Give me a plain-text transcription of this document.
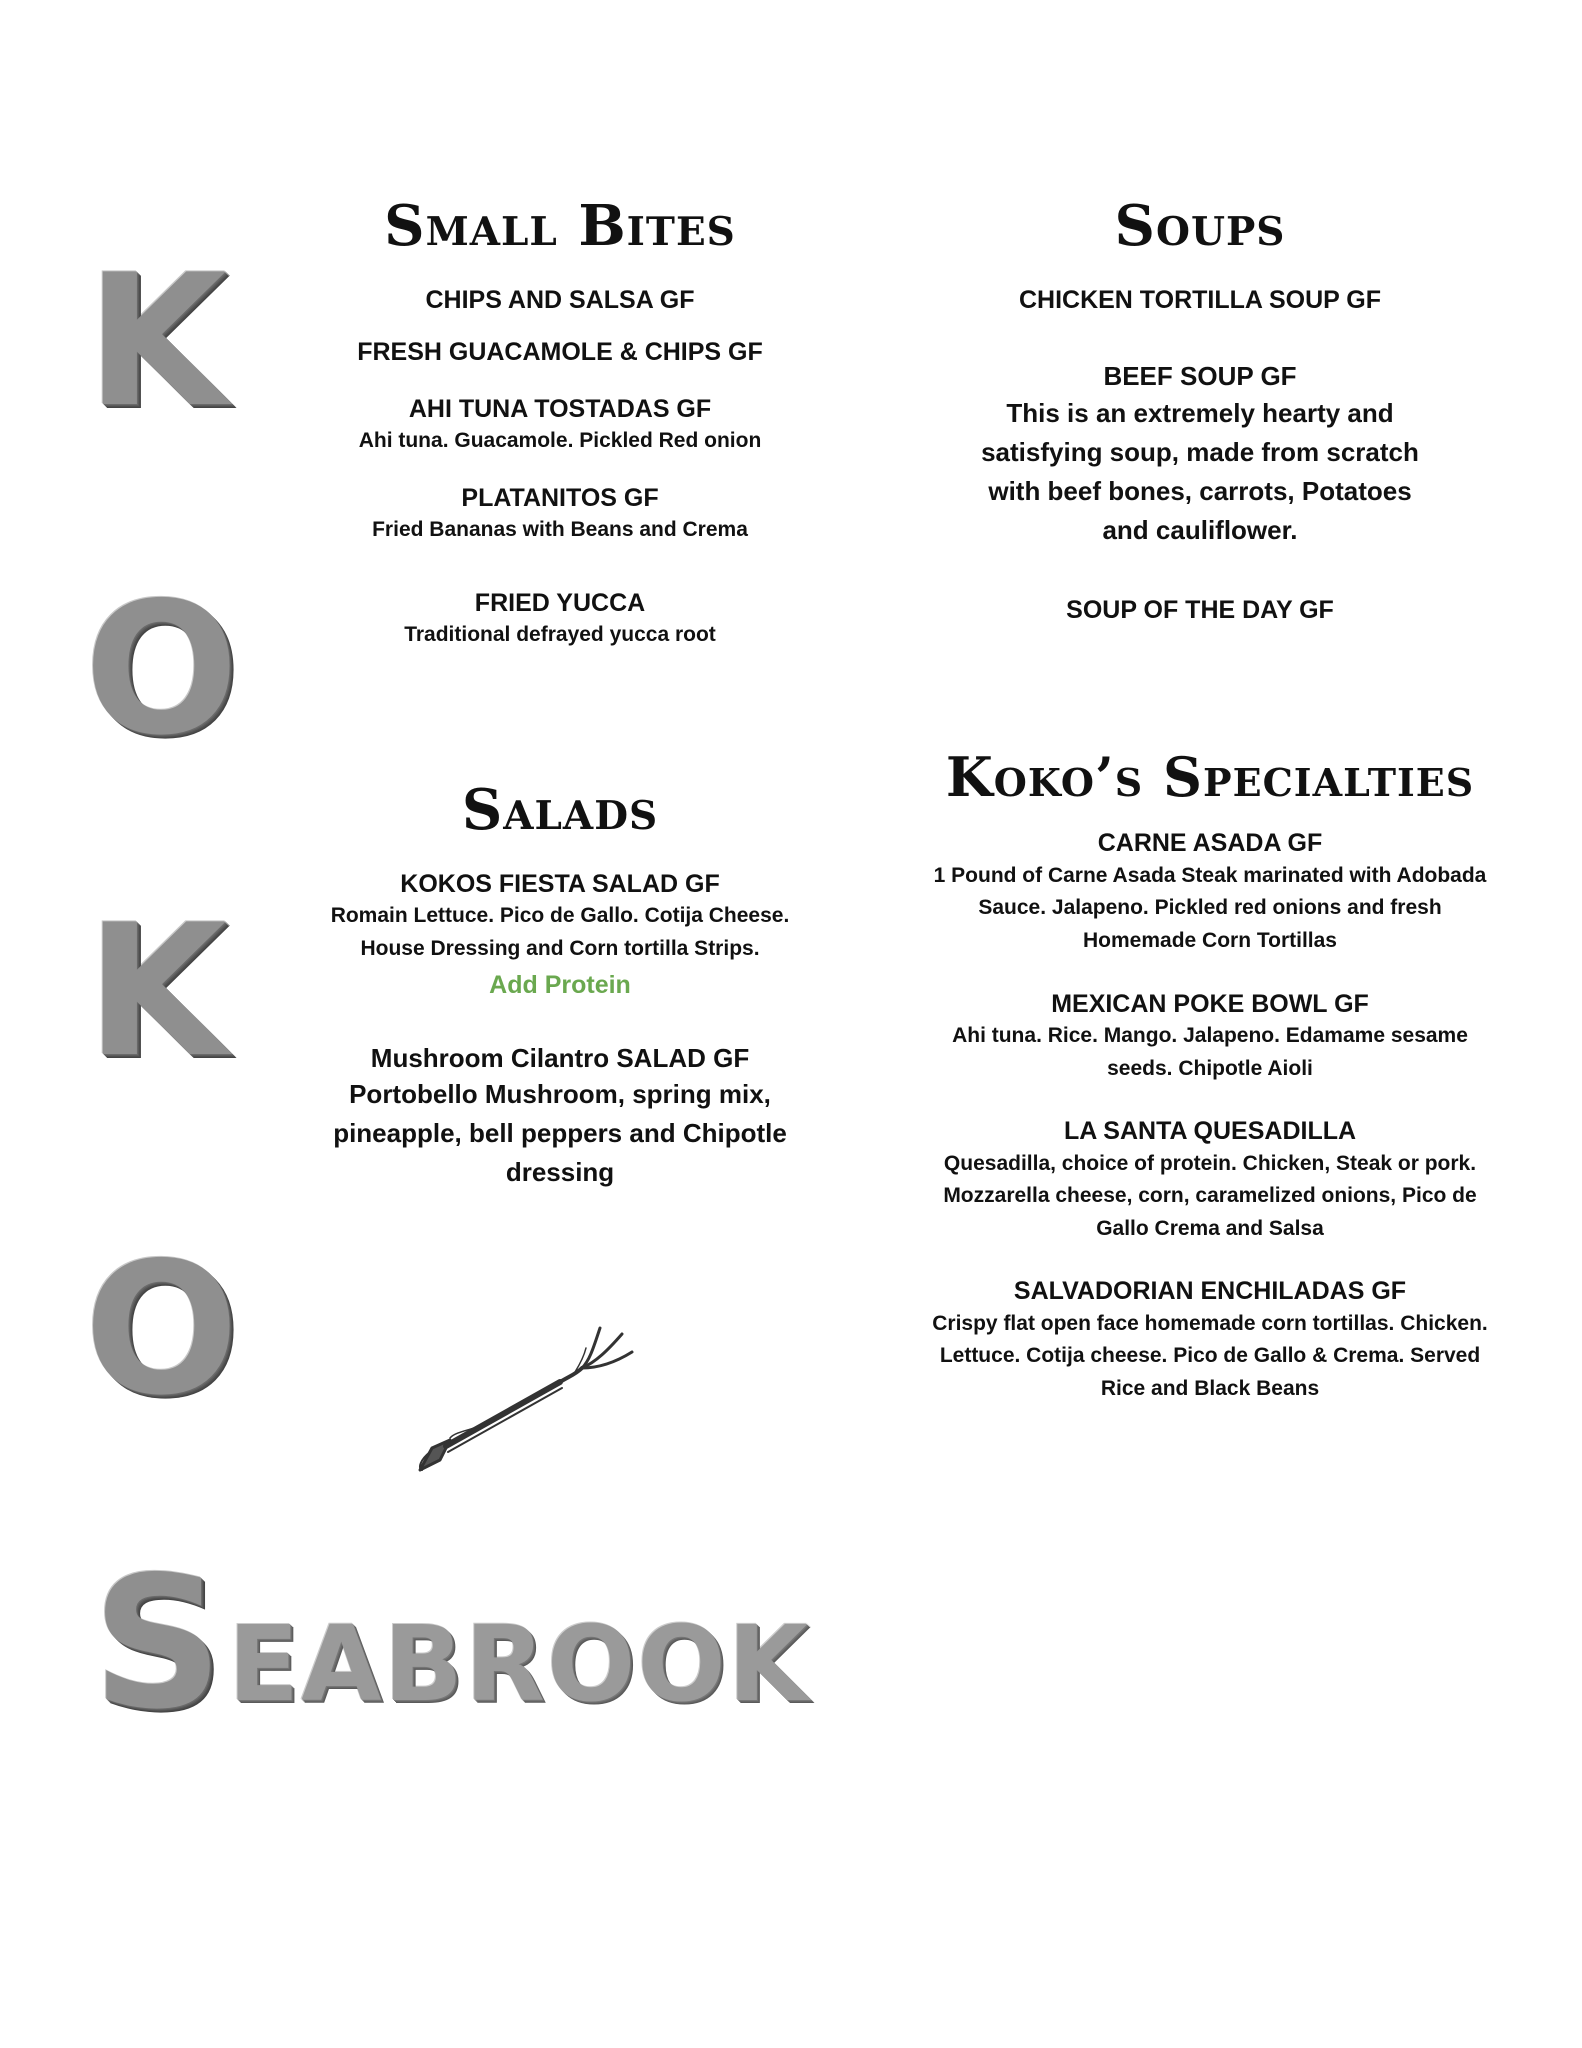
K
O
K
O
S EABROOK
Small Bites

CHIPS AND SALSA GF

FRESH GUACAMOLE & CHIPS GF

AHI TUNA TOSTADAS GF

Ahi tuna. Guacamole. Pickled Red onion

PLATANITOS GF

Fried Bananas with Beans and Crema

FRIED YUCCA

Traditional defrayed yucca root

Soups

CHICKEN TORTILLA SOUP GF

BEEF SOUP GF

This is an extremely hearty and

satisfying soup, made from scratch

with beef bones, carrots, Potatoes

and cauliflower.

SOUP OF THE DAY GF

Salads

KOKOS FIESTA SALAD GF

Romain Lettuce. Pico de Gallo. Cotija Cheese.

House Dressing and Corn tortilla Strips.

Add Protein

Mushroom Cilantro SALAD GF

Portobello Mushroom, spring mix,

pineapple, bell peppers and Chipotle

dressing

Koko’s Specialties

CARNE ASADA GF

1 Pound of Carne Asada Steak marinated with Adobada

Sauce. Jalapeno. Pickled red onions and fresh

Homemade Corn Tortillas

MEXICAN POKE BOWL GF

Ahi tuna. Rice. Mango. Jalapeno. Edamame sesame

seeds. Chipotle Aioli

LA SANTA QUESADILLA

Quesadilla, choice of protein. Chicken, Steak or pork.

Mozzarella cheese, corn, caramelized onions, Pico de

Gallo Crema and Salsa

SALVADORIAN ENCHILADAS GF

Crispy flat open face homemade corn tortillas. Chicken.

Lettuce. Cotija cheese. Pico de Gallo & Crema. Served

Rice and Black Beans
